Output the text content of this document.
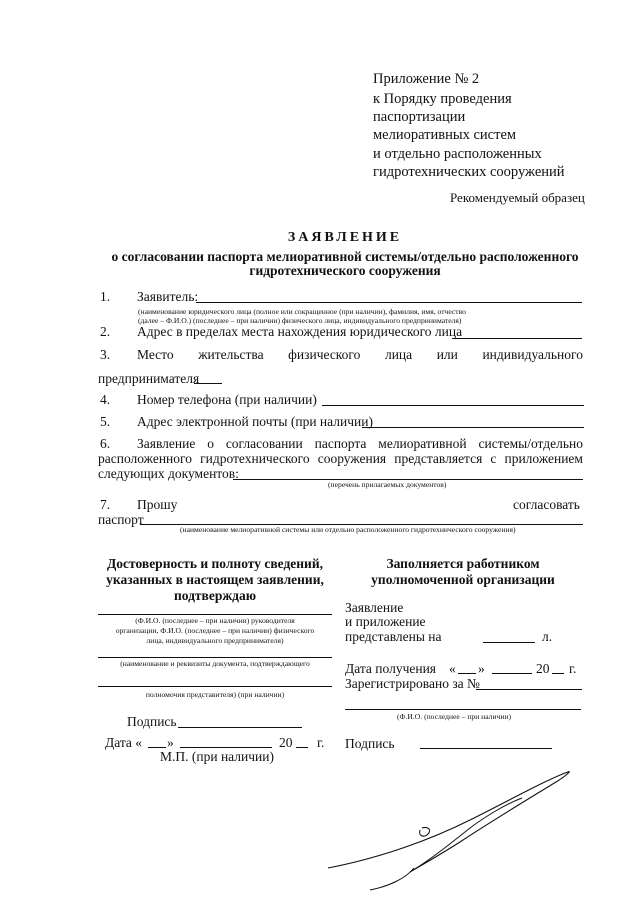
Приложение № 2
к Порядку проведения
паспортизации
мелиоративных систем
и отдельно расположенных
гидротехнических сооружений
Рекомендуемый образец
ЗАЯВЛЕНИЕ
о согласовании паспорта мелиоративной системы/отдельно расположенного
гидротехнического сооружения
1. Заявитель:
(наименование юридического лица (полное или сокращенное (при наличии), фамилия, имя, отчество
(далее – Ф.И.О.) (последнее – при наличии) физического лица, индивидуального предпринимателя)
2. Адрес в пределах места нахождения юридического лица
3. Место жительства физического лица или индивидуального
предпринимателя
4. Номер телефона (при наличии)
5. Адрес электронной почты (при наличии)
6. Заявление о согласовании паспорта мелиоративной системы/отдельно
расположенного гидротехнического сооружения представляется с приложением
следующих документов:
(перечень прилагаемых документов)
7. Прошу	согласовать
паспорт
(наименование мелиоративной системы или отдельно расположенного гидротехнического сооружения)
Достоверность и полноту сведений,
указанных в настоящем заявлении,
подтверждаю
(Ф.И.О. (последнее – при наличии) руководителя
организации, Ф.И.О. (последнее – при наличии) физического
лица, индивидуального предпринимателя)
(наименование и реквизиты документа, подтверждающего
полномочия представителя) (при наличии)
Подпись
Дата « »	20 г.
М.П. (при наличии)
Заполняется работником
уполномоченной организации
Заявление
и приложение
представлены на	л.
Дата получения « »	20 г.
Зарегистрировано за №
(Ф.И.О. (последнее – при наличии)
Подпись
